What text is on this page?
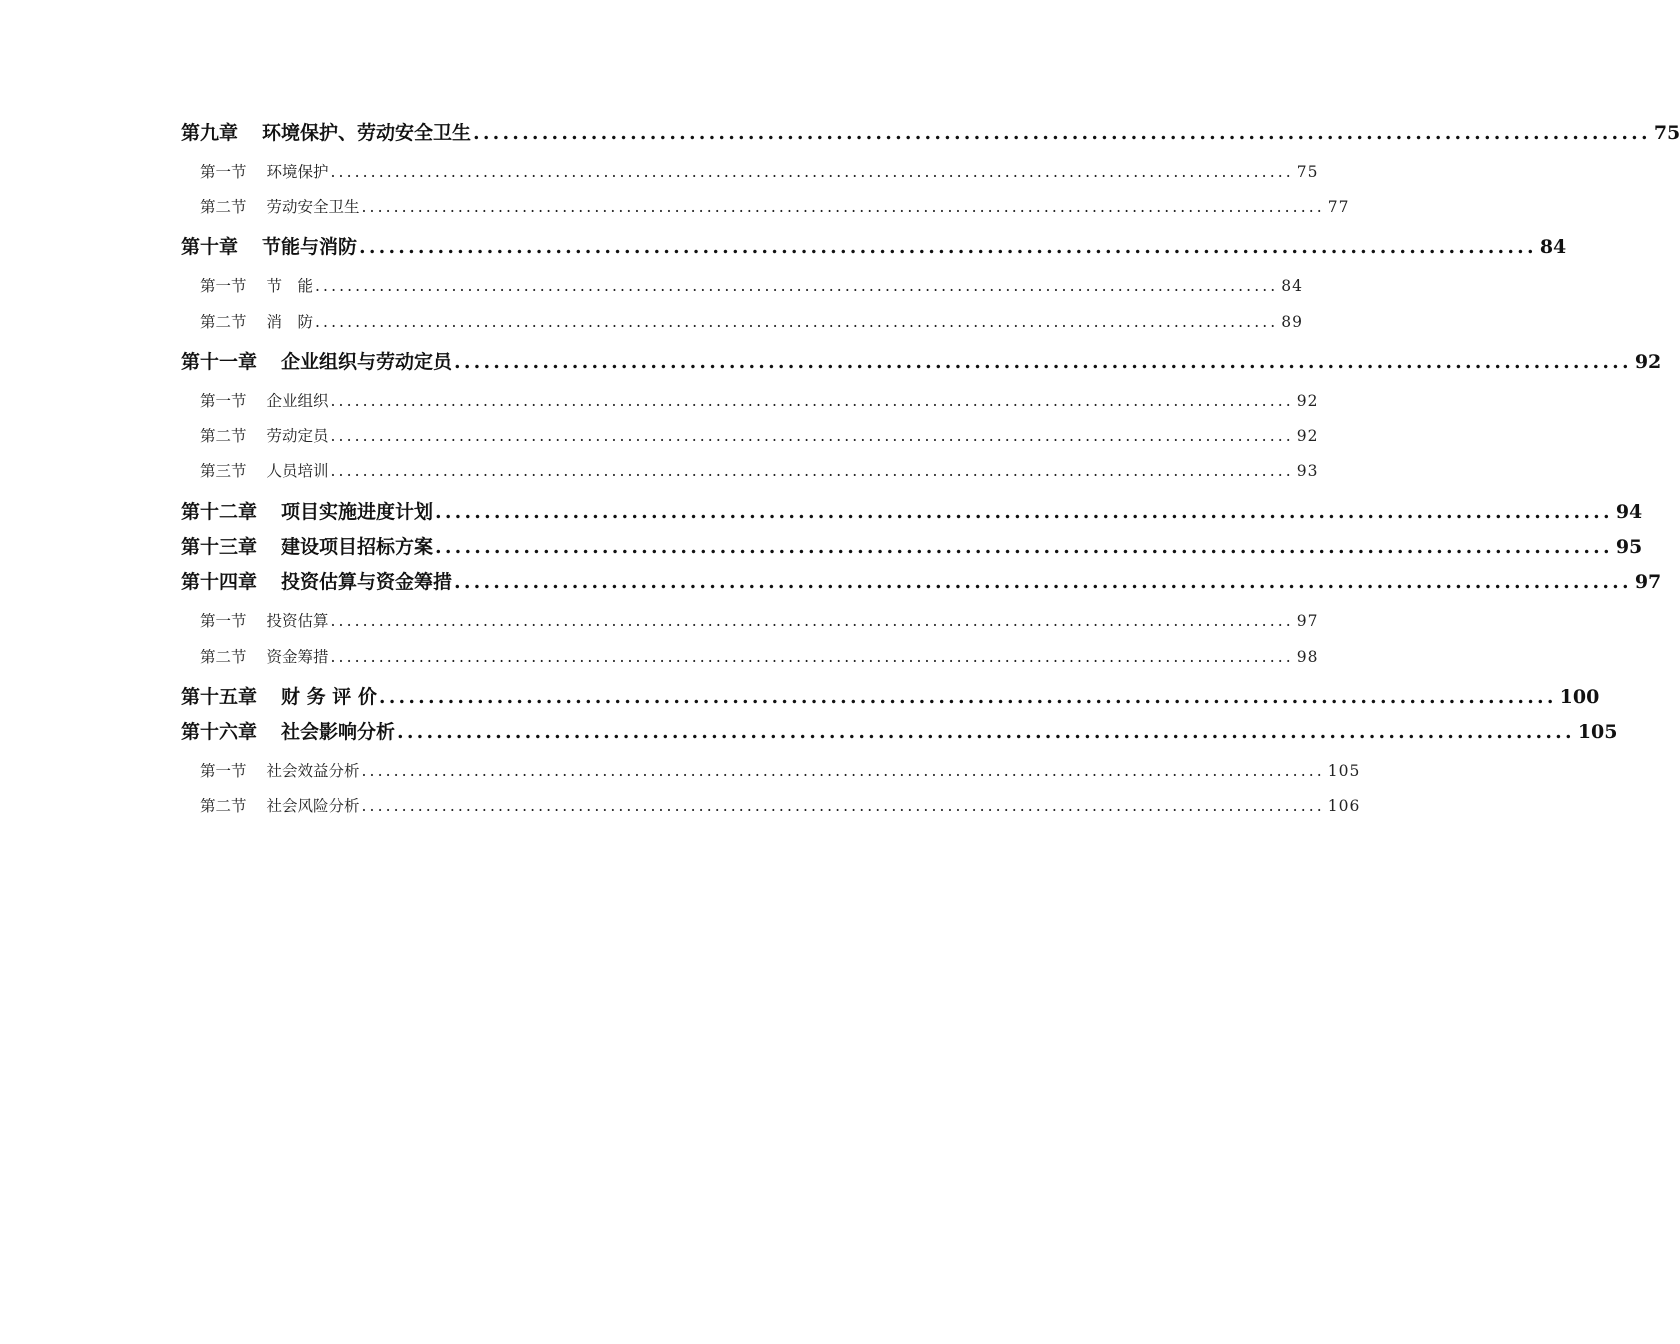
第九章 环境保护、劳动安全卫生 ........................................................................................................................ 75
第一节 环境保护 ........................................................................................................................ 75
第二节 劳动安全卫生 ........................................................................................................................ 77
第十章 节能与消防 ........................................................................................................................ 84
第一节 节　能 ........................................................................................................................ 84
第二节 消　防 ........................................................................................................................ 89
第十一章 企业组织与劳动定员 ........................................................................................................................ 92
第一节 企业组织 ........................................................................................................................ 92
第二节 劳动定员 ........................................................................................................................ 92
第三节 人员培训 ........................................................................................................................ 93
第十二章 项目实施进度计划 ........................................................................................................................ 94
第十三章 建设项目招标方案 ........................................................................................................................ 95
第十四章 投资估算与资金筹措 ........................................................................................................................ 97
第一节 投资估算 ........................................................................................................................ 97
第二节 资金筹措 ........................................................................................................................ 98
第十五章 财 务 评 价 ........................................................................................................................ 100
第十六章 社会影响分析 ........................................................................................................................ 105
第一节 社会效益分析 ........................................................................................................................ 105
第二节 社会风险分析 ........................................................................................................................ 106
